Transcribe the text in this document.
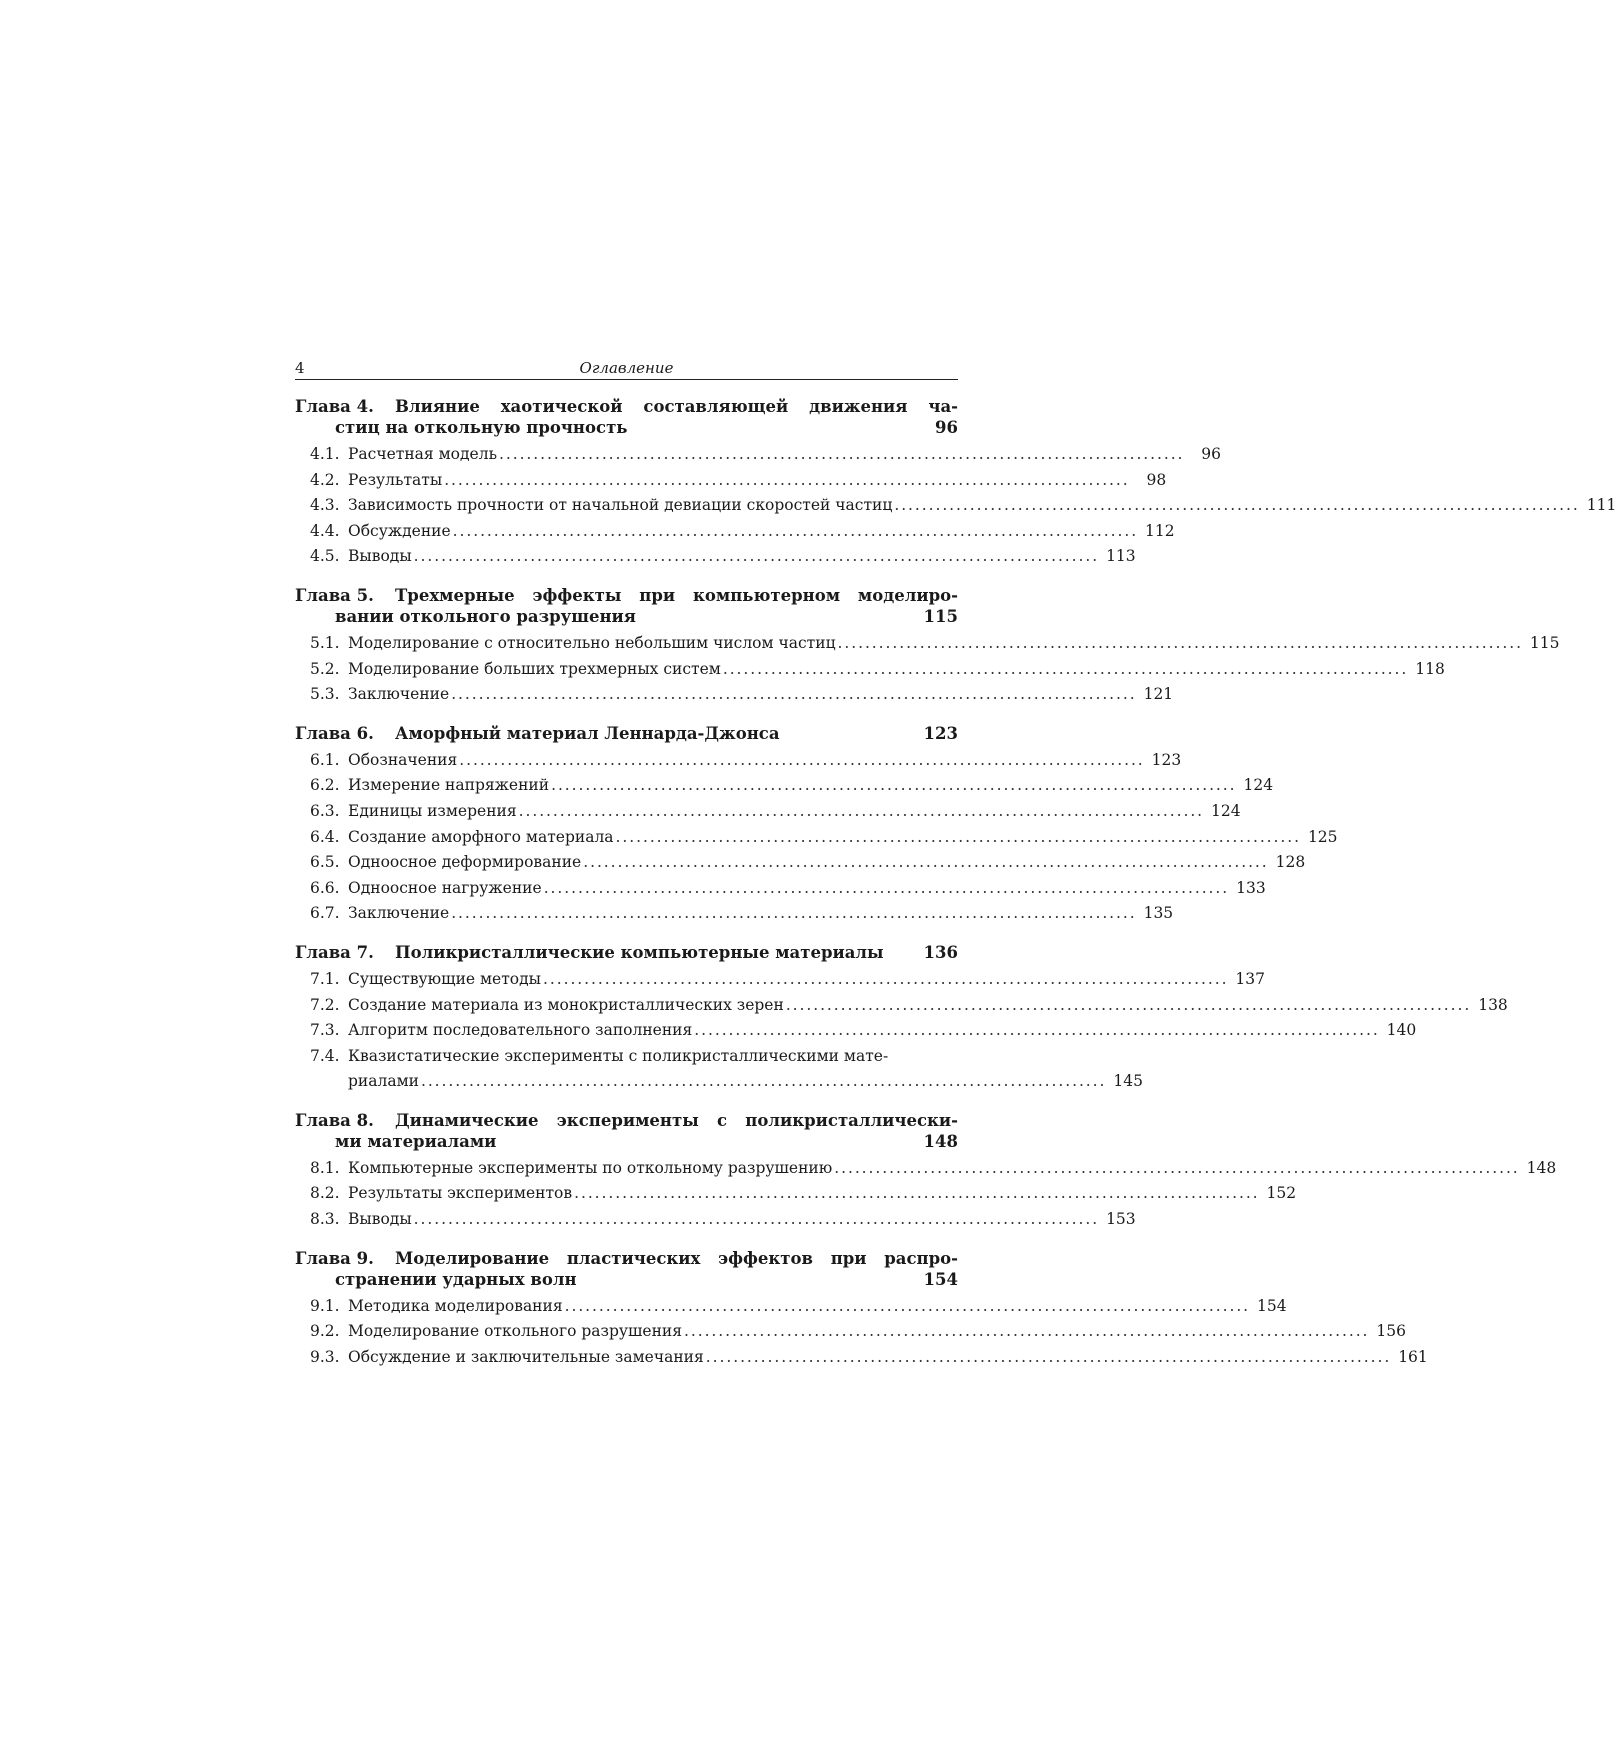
4	Оглавление
Глава 4.	Влияние хаотической составляющей движения ча-
стиц на откольную прочность	96
4.1. Расчетная модель . . .	96
4.2. Результаты . . .	98
4.3. Зависимость прочности от начальной девиации скоростей частиц . . .	111
4.4. Обсуждение . . .	112
4.5. Выводы . . .	113
Глава 5.	Трехмерные эффекты при компьютерном моделиро-
вании откольного разрушения	115
5.1. Моделирование с относительно небольшим числом частиц . . .	115
5.2. Моделирование больших трехмерных систем . . .	118
5.3. Заключение . . .	121
Глава 6.	Аморфный материал Леннарда-Джонса	123
6.1. Обозначения . . .	123
6.2. Измерение напряжений . . .	124
6.3. Единицы измерения . . .	124
6.4. Создание аморфного материала . . .	125
6.5. Одноосное деформирование . . .	128
6.6. Одноосное нагружение . . .	133
6.7. Заключение . . .	135
Глава 7.	Поликристаллические компьютерные материалы	136
7.1. Существующие методы . . .	137
7.2. Создание материала из монокристаллических зерен . . .	138
7.3. Алгоритм последовательного заполнения . . .	140
7.4. Квазистатические эксперименты с поликристаллическими мате-
риалами . . .	145
Глава 8.	Динамические эксперименты с поликристаллически-
ми материалами	148
8.1. Компьютерные эксперименты по откольному разрушению . . .	148
8.2. Результаты экспериментов . . .	152
8.3. Выводы . . .	153
Глава 9.	Моделирование пластических эффектов при распро-
странении ударных волн	154
9.1. Методика моделирования . . .	154
9.2. Моделирование откольного разрушения . . .	156
9.3. Обсуждение и заключительные замечания . . .	161
